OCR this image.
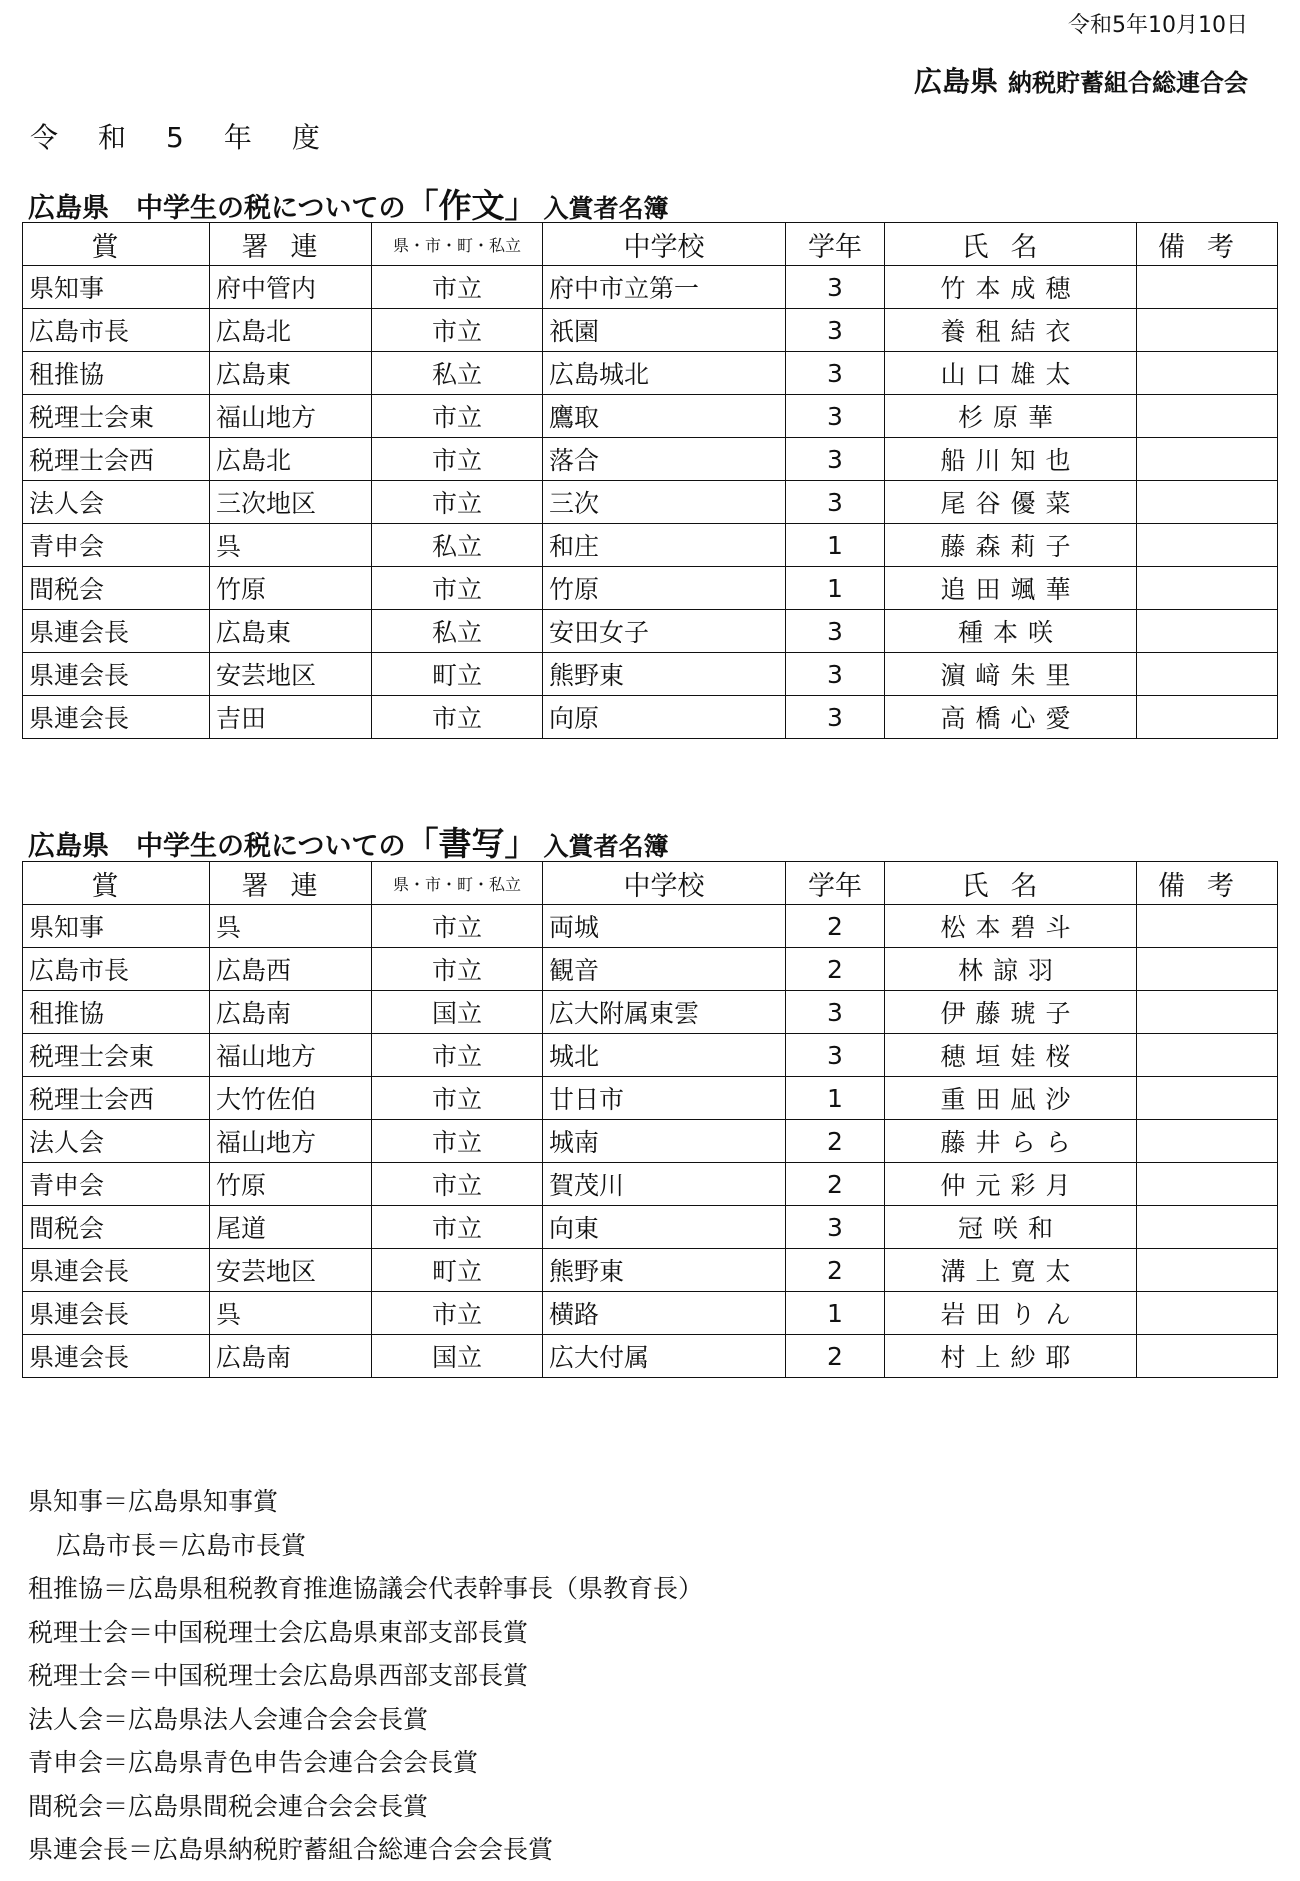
令和5年10月10日
広島県 納税貯蓄組合総連合会
令和5年度
広島県　中学生の税についての「作文」 入賞者名簿
賞	署連	県・市・町・私立	中学校	学年	氏名	備考
県知事	府中管内	市立	府中市立第一	3	竹本成穂	
広島市長	広島北	市立	祇園	3	養租結衣	
租推協	広島東	私立	広島城北	3	山口雄太	
税理士会東	福山地方	市立	鷹取	3	杉原華	
税理士会西	広島北	市立	落合	3	船川知也	
法人会	三次地区	市立	三次	3	尾谷優菜	
青申会	呉	私立	和庄	1	藤森莉子	
間税会	竹原	市立	竹原	1	追田颯華	
県連会長	広島東	私立	安田女子	3	種本咲	
県連会長	安芸地区	町立	熊野東	3	濵﨑朱里	
県連会長	吉田	市立	向原	3	高橋心愛	
広島県　中学生の税についての「書写」 入賞者名簿
賞	署連	県・市・町・私立	中学校	学年	氏名	備考
県知事	呉	市立	両城	2	松本碧斗	
広島市長	広島西	市立	観音	2	林諒羽	
租推協	広島南	国立	広大附属東雲	3	伊藤琥子	
税理士会東	福山地方	市立	城北	3	穂垣娃桜	
税理士会西	大竹佐伯	市立	廿日市	1	重田凪沙	
法人会	福山地方	市立	城南	2	藤井らら	
青申会	竹原	市立	賀茂川	2	仲元彩月	
間税会	尾道	市立	向東	3	冠咲和	
県連会長	安芸地区	町立	熊野東	2	溝上寛太	
県連会長	呉	市立	横路	1	岩田りん	
県連会長	広島南	国立	広大付属	2	村上紗耶	
県知事＝広島県知事賞
広島市長＝広島市長賞
租推協＝広島県租税教育推進協議会代表幹事長（県教育長）
税理士会＝中国税理士会広島県東部支部長賞
税理士会＝中国税理士会広島県西部支部長賞
法人会＝広島県法人会連合会会長賞
青申会＝広島県青色申告会連合会会長賞
間税会＝広島県間税会連合会会長賞
県連会長＝広島県納税貯蓄組合総連合会会長賞
